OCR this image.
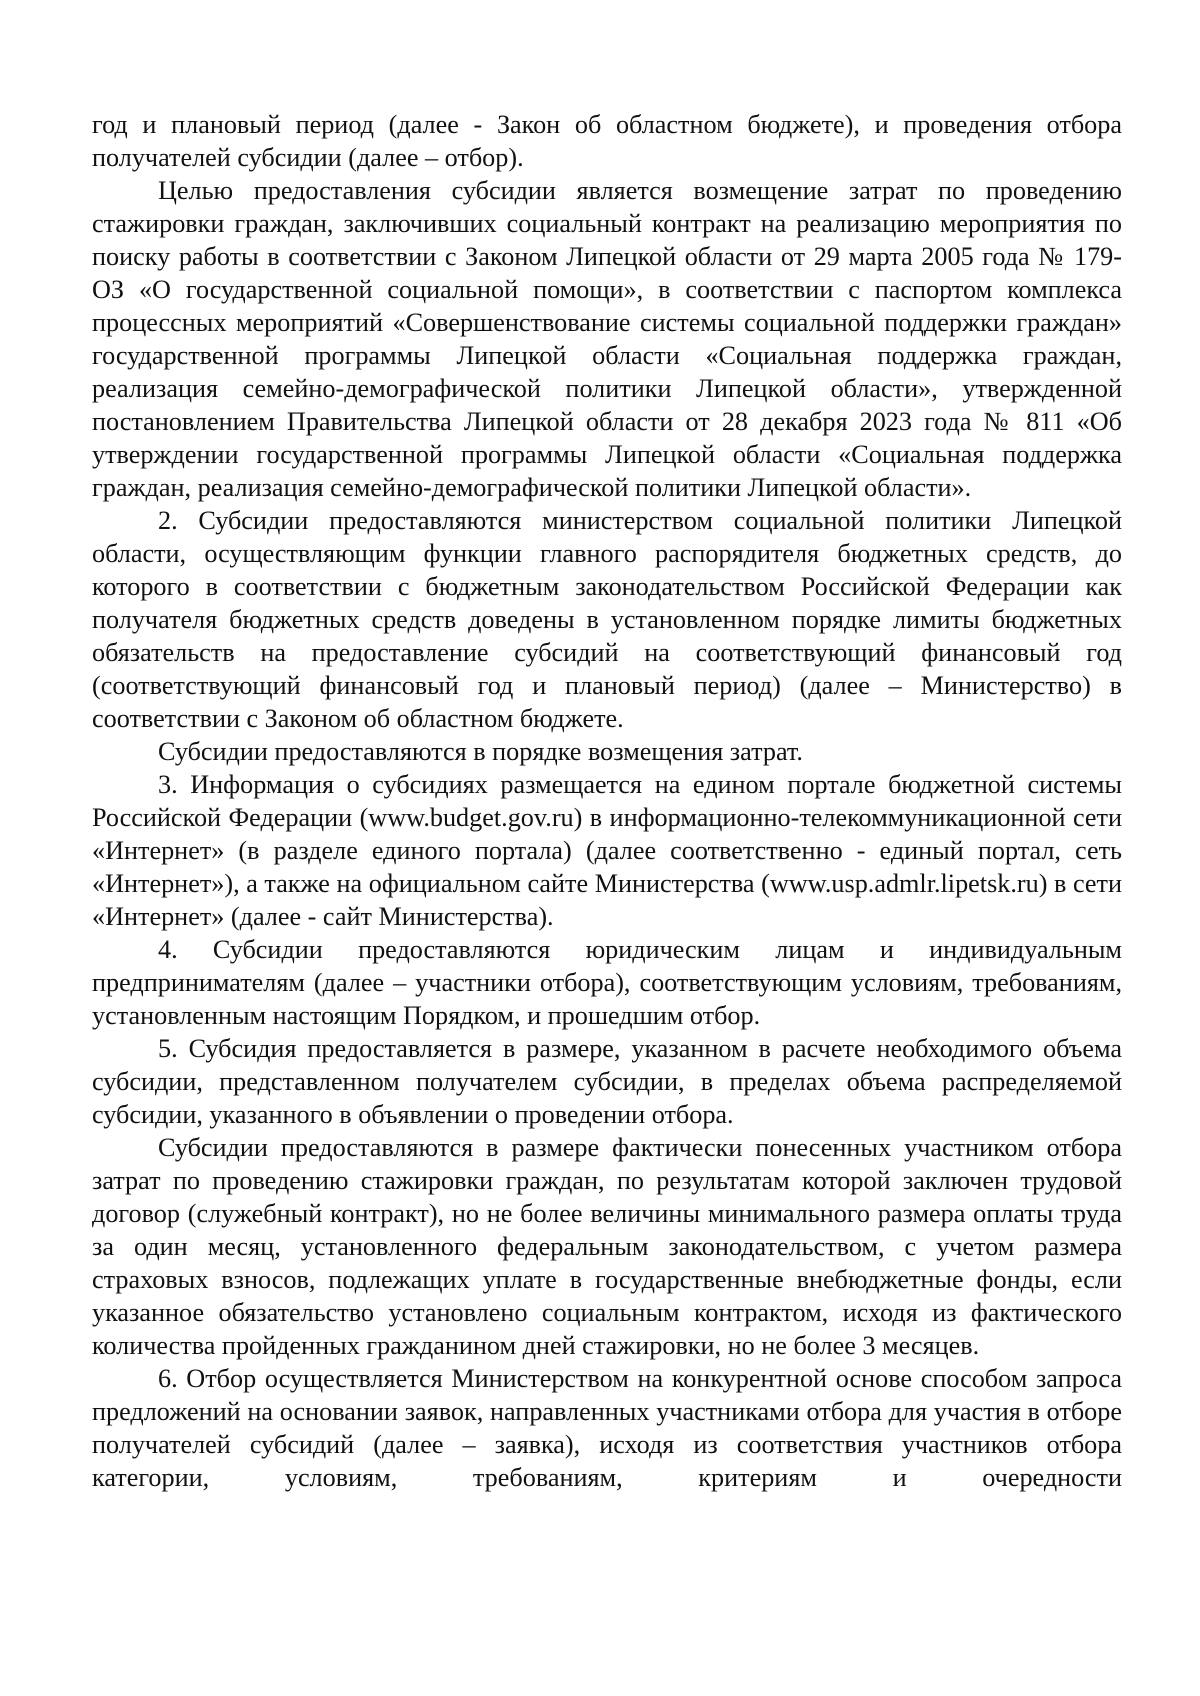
год и плановый период (далее - Закон об областном бюджете), и проведения отбора получателей субсидии (далее – отбор).

Целью предоставления субсидии является возмещение затрат по проведению стажировки граждан, заключивших социальный контракт на реализацию мероприятия по поиску работы в соответствии с Законом Липецкой области от 29 марта 2005 года № 179-ОЗ «О государственной социальной помощи», в соответствии с паспортом комплекса процессных мероприятий «Совершенствование системы социальной поддержки граждан» государственной программы Липецкой области «Социальная поддержка граждан, реализация семейно-демографической политики Липецкой области», утвержденной постановлением Правительства Липецкой области от 28 декабря 2023 года № 811 «Об утверждении государственной программы Липецкой области «Социальная поддержка граждан, реализация семейно-демографической политики Липецкой области».

2. Субсидии предоставляются министерством социальной политики Липецкой области, осуществляющим функции главного распорядителя бюджетных средств, до которого в соответствии с бюджетным законодательством Российской Федерации как получателя бюджетных средств доведены в установленном порядке лимиты бюджетных обязательств на предоставление субсидий на соответствующий финансовый год (соответствующий финансовый год и плановый период) (далее – Министерство) в соответствии с Законом об областном бюджете.

Субсидии предоставляются в порядке возмещения затрат.

3. Информация о субсидиях размещается на едином портале бюджетной системы Российской Федерации (www.budget.gov.ru) в информационно-телекоммуникационной сети «Интернет» (в разделе единого портала) (далее соответственно - единый портал, сеть «Интернет»), а также на официальном сайте Министерства (www.usp.admlr.lipetsk.ru) в сети «Интернет» (далее - сайт Министерства).

4. Субсидии предоставляются юридическим лицам и индивидуальным предпринимателям (далее – участники отбора), соответствующим условиям, требованиям, установленным настоящим Порядком, и прошедшим отбор.

5. Субсидия предоставляется в размере, указанном в расчете необходимого объема субсидии, представленном получателем субсидии, в пределах объема распределяемой субсидии, указанного в объявлении о проведении отбора.

Субсидии предоставляются в размере фактически понесенных участником отбора затрат по проведению стажировки граждан, по результатам которой заключен трудовой договор (служебный контракт), но не более величины минимального размера оплаты труда за один месяц, установленного федеральным законодательством, с учетом размера страховых взносов, подлежащих уплате в государственные внебюджетные фонды, если указанное обязательство установлено социальным контрактом, исходя из фактического количества пройденных гражданином дней стажировки, но не более 3 месяцев.

6. Отбор осуществляется Министерством на конкурентной основе способом запроса предложений на основании заявок, направленных участниками отбора для участия в отборе получателей субсидий (далее – заявка), исходя из соответствия участников отбора категории, условиям, требованиям, критериям и очередности
